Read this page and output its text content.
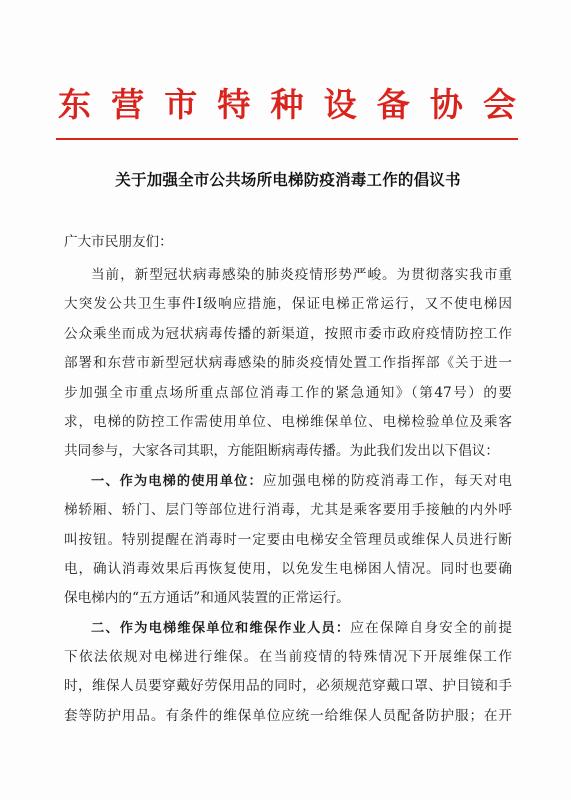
东 营 市 特 种 设 备 协 会
关于加强全市公共场所电梯防疫消毒工作的倡议书
广大市民朋友们：
当前，新型冠状病毒感染的肺炎疫情形势严峻。为贯彻落实我市重
大突发公共卫生事件Ⅰ级响应措施，保证电梯正常运行，又不使电梯因
公众乘坐而成为冠状病毒传播的新渠道，按照市委市政府疫情防控工作
部署和东营市新型冠状病毒感染的肺炎疫情处置工作指挥部《关于进一
步加强全市重点场所重点部位消毒工作的紧急通知》（第47号）的要
求，电梯的防控工作需使用单位、电梯维保单位、电梯检验单位及乘客
共同参与，大家各司其职，方能阻断病毒传播。为此我们发出以下倡议：
一、作为电梯的使用单位：应加强电梯的防疫消毒工作，每天对电
梯轿厢、轿门、层门等部位进行消毒，尤其是乘客要用手接触的内外呼
叫按钮。特别提醒在消毒时一定要由电梯安全管理员或维保人员进行断
电，确认消毒效果后再恢复使用，以免发生电梯困人情况。同时也要确
保电梯内的“五方通话”和通风装置的正常运行。
二、作为电梯维保单位和维保作业人员：应在保障自身安全的前提
下依法依规对电梯进行维保。在当前疫情的特殊情况下开展维保工作
时，维保人员要穿戴好劳保用品的同时，必须规范穿戴口罩、护目镜和手
套等防护用品。有条件的维保单位应统一给维保人员配备防护服；在开
